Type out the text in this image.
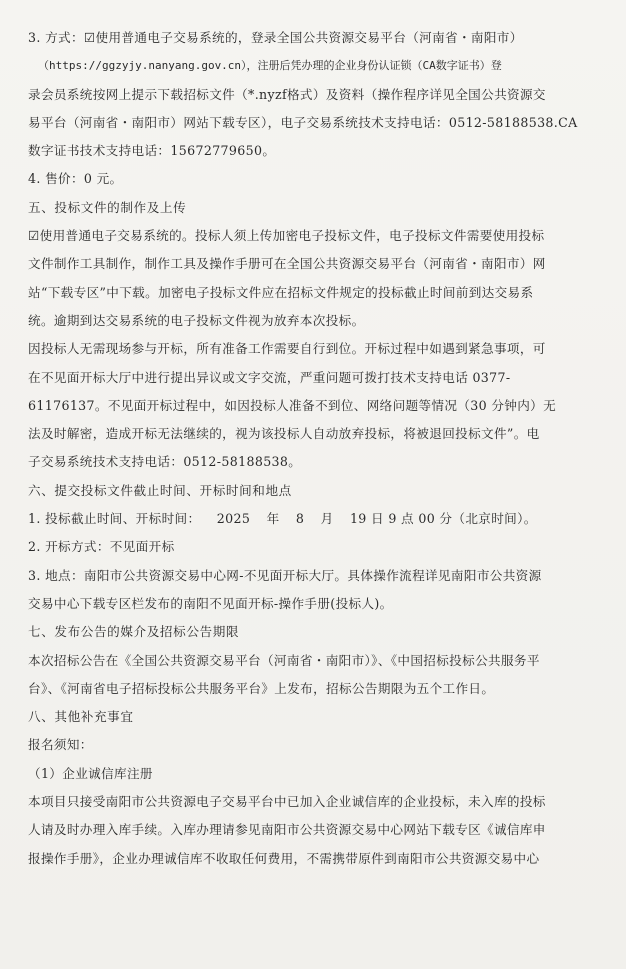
3. 方式：☑使用普通电子交易系统的，登录全国公共资源交易平台（河南省・南阳市）
（https://ggzyjy.nanyang.gov.cn），注册后凭办理的企业身份认证锁（CA数字证书）登
录会员系统按网上提示下载招标文件（*.nyzf格式）及资料（操作程序详见全国公共资源交
易平台（河南省・南阳市）网站下载专区），电子交易系统技术支持电话：0512-58188538.CA
数字证书技术支持电话：15672779650。
4. 售价：0 元。
五、投标文件的制作及上传
☑使用普通电子交易系统的。投标人须上传加密电子投标文件，电子投标文件需要使用投标
文件制作工具制作，制作工具及操作手册可在全国公共资源交易平台（河南省・南阳市）网
站“下载专区”中下载。加密电子投标文件应在招标文件规定的投标截止时间前到达交易系
统。逾期到达交易系统的电子投标文件视为放弃本次投标。
因投标人无需现场参与开标，所有准备工作需要自行到位。开标过程中如遇到紧急事项，可
在不见面开标大厅中进行提出异议或文字交流，严重问题可拨打技术支持电话 0377-
61176137。不见面开标过程中，如因投标人准备不到位、网络问题等情况（30 分钟内）无
法及时解密，造成开标无法继续的，视为该投标人自动放弃投标，将被退回投标文件”。电
子交易系统技术支持电话：0512-58188538。
六、提交投标文件截止时间、开标时间和地点
1. 投标截止时间、开标时间： 2025 年 8 月 19 日 9 点 00 分（北京时间）。
2. 开标方式：不见面开标
3. 地点：南阳市公共资源交易中心网-不见面开标大厅。具体操作流程详见南阳市公共资源
交易中心下载专区栏发布的南阳不见面开标-操作手册(投标人)。
七、发布公告的媒介及招标公告期限
本次招标公告在《全国公共资源交易平台（河南省・南阳市）》、《中国招标投标公共服务平
台》、《河南省电子招标投标公共服务平台》上发布，招标公告期限为五个工作日。
八、其他补充事宜
报名须知：
（1）企业诚信库注册
本项目只接受南阳市公共资源电子交易平台中已加入企业诚信库的企业投标，未入库的投标
人请及时办理入库手续。入库办理请参见南阳市公共资源交易中心网站下载专区《诚信库申
报操作手册》，企业办理诚信库不收取任何费用，不需携带原件到南阳市公共资源交易中心
